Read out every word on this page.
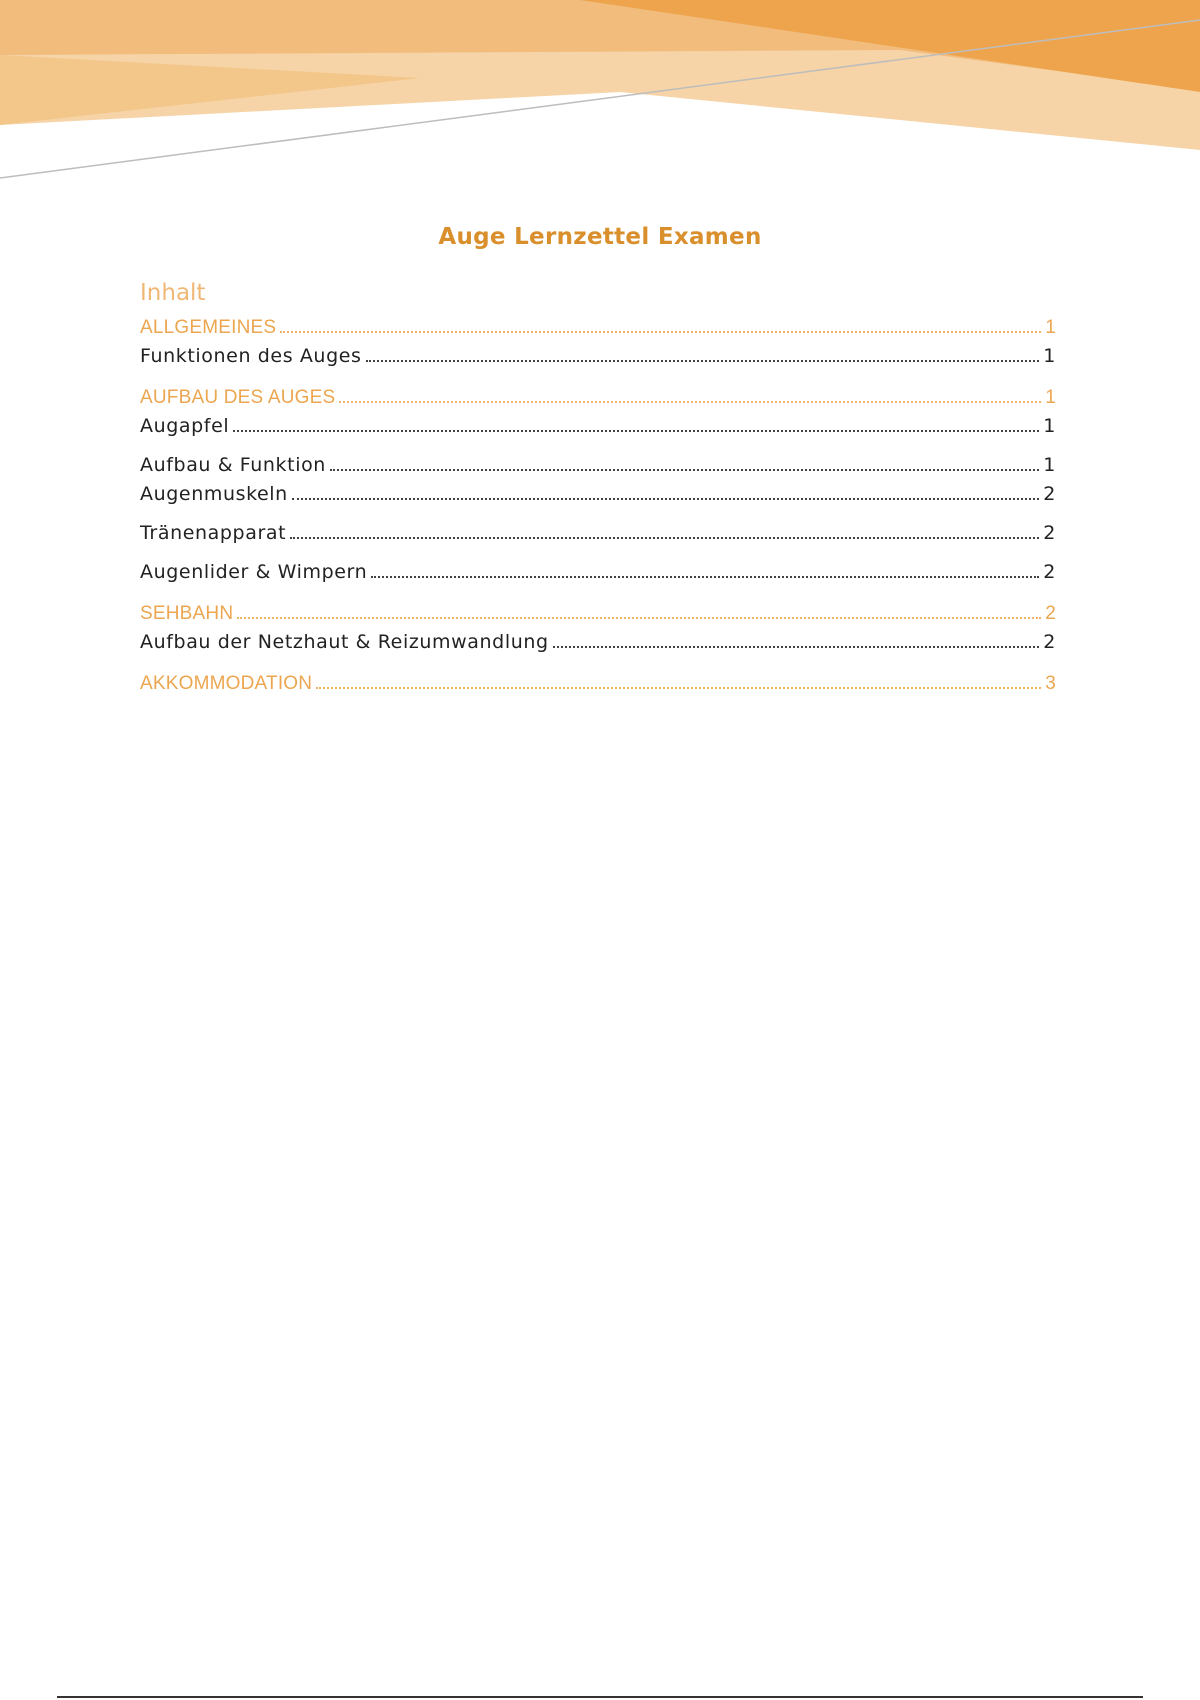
Auge Lernzettel Examen
Inhalt
ALLGEMEINES	1
Funktionen des Auges	1
AUFBAU DES AUGES	1
Augapfel	1
Aufbau & Funktion	1
Augenmuskeln	2
Tränenapparat	2
Augenlider & Wimpern	2
SEHBAHN	2
Aufbau der Netzhaut & Reizumwandlung	2
AKKOMMODATION	3
